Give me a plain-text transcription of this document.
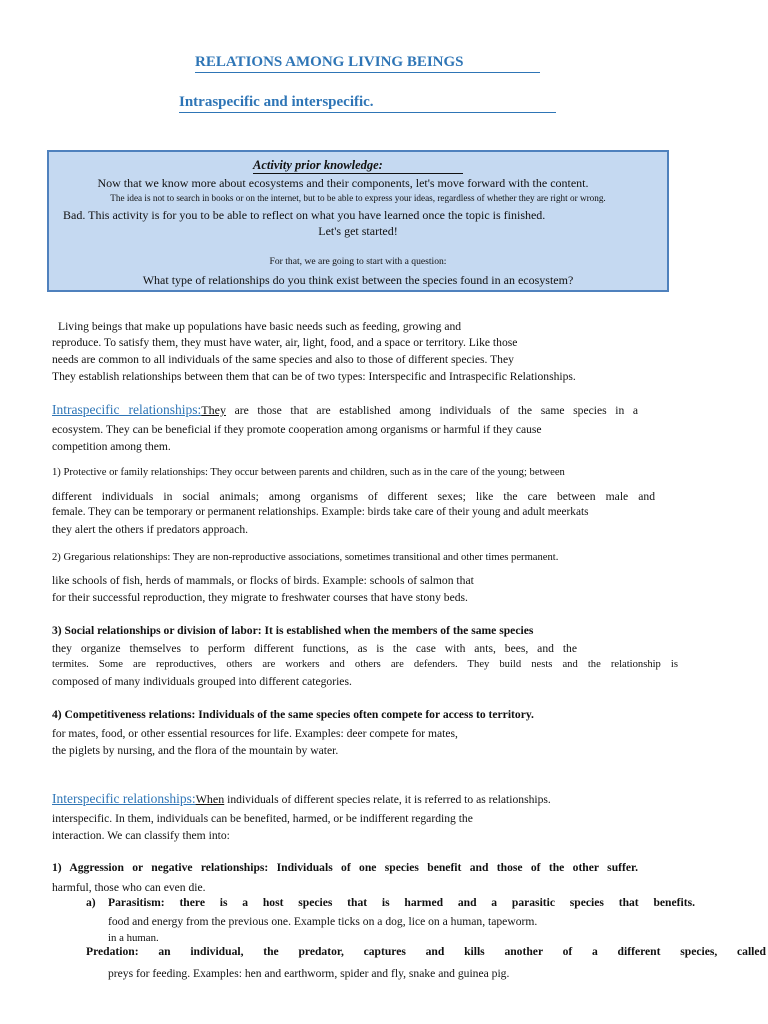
RELATIONS AMONG LIVING BEINGS
Intraspecific and interspecific.
Activity prior knowledge:
Now that we know more about ecosystems and their components, let's move forward with the content.
The idea is not to search in books or on the internet, but to be able to express your ideas, regardless of whether they are right or wrong.
Bad. This activity is for you to be able to reflect on what you have learned once the topic is finished.
Let's get started!
For that, we are going to start with a question:
What type of relationships do you think exist between the species found in an ecosystem?
Living beings that make up populations have basic needs such as feeding, growing and
reproduce. To satisfy them, they must have water, air, light, food, and a space or territory. Like those
needs are common to all individuals of the same species and also to those of different species. They
They establish relationships between them that can be of two types: Interspecific and Intraspecific Relationships.
Intraspecific relationships:They are those that are established among individuals of the same species in a
ecosystem. They can be beneficial if they promote cooperation among organisms or harmful if they cause
competition among them.
1) Protective or family relationships: They occur between parents and children, such as in the care of the young; between
different individuals in social animals; among organisms of different sexes; like the care between male and
female. They can be temporary or permanent relationships. Example: birds take care of their young and adult meerkats
they alert the others if predators approach.
2) Gregarious relationships: They are non-reproductive associations, sometimes transitional and other times permanent.
like schools of fish, herds of mammals, or flocks of birds. Example: schools of salmon that
for their successful reproduction, they migrate to freshwater courses that have stony beds.
3) Social relationships or division of labor: It is established when the members of the same species
they organize themselves to perform different functions, as is the case with ants, bees, and the
termites. Some are reproductives, others are workers and others are defenders. They build nests and the relationship is
composed of many individuals grouped into different categories.
4) Competitiveness relations: Individuals of the same species often compete for access to territory.
for mates, food, or other essential resources for life. Examples: deer compete for mates,
the piglets by nursing, and the flora of the mountain by water.
Interspecific relationships:When individuals of different species relate, it is referred to as relationships.
interspecific. In them, individuals can be benefited, harmed, or be indifferent regarding the
interaction. We can classify them into:
1) Aggression or negative relationships: Individuals of one species benefit and those of the other suffer.
harmful, those who can even die.
a) Parasitism: there is a host species that is harmed and a parasitic species that benefits.
food and energy from the previous one. Example ticks on a dog, lice on a human, tapeworm.
in a human.
Predation: an individual, the predator, captures and kills another of a different species, called
preys for feeding. Examples: hen and earthworm, spider and fly, snake and guinea pig.
